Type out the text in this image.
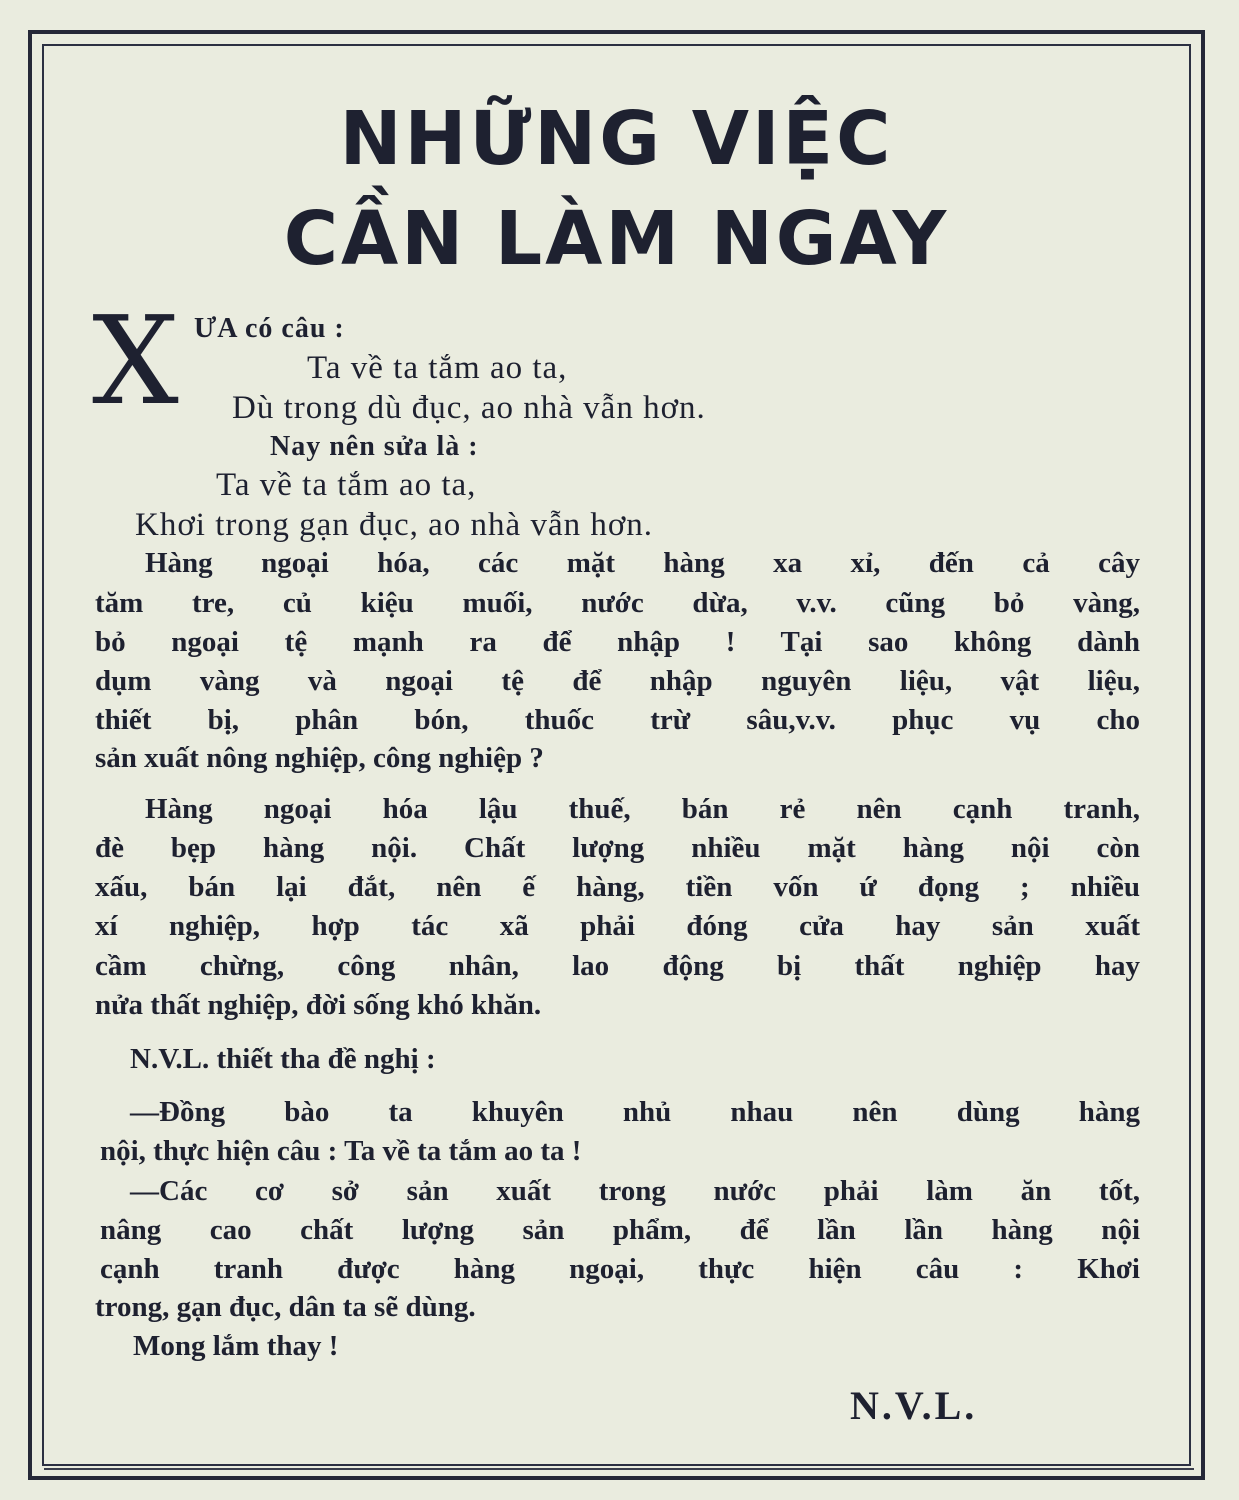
NHỮNG VIỆC
CẦN LÀM NGAY
X ƯA có câu :

Ta về ta tắm ao ta,

Dù trong dù đục, ao nhà vẫn hơn.

Nay nên sửa là :

Ta về ta tắm ao ta,

Khơi trong gạn đục, ao nhà vẫn hơn.

Hàng ngoại hóa, các mặt hàng xa xỉ, đến cả cây

tăm tre, củ kiệu muối, nước dừa, v.v. cũng bỏ vàng,

bỏ ngoại tệ mạnh ra để nhập ! Tại sao không dành

dụm vàng và ngoại tệ để nhập nguyên liệu, vật liệu,

thiết bị, phân bón, thuốc trừ sâu,v.v. phục vụ cho

sản xuất nông nghiệp, công nghiệp ?

Hàng ngoại hóa lậu thuế, bán rẻ nên cạnh tranh,

đè bẹp hàng nội. Chất lượng nhiều mặt hàng nội còn

xấu, bán lại đắt, nên ế hàng, tiền vốn ứ đọng ; nhiều

xí nghiệp, hợp tác xã phải đóng cửa hay sản xuất

cầm chừng, công nhân, lao động bị thất nghiệp hay

nửa thất nghiệp, đời sống khó khăn.

N.V.L. thiết tha đề nghị :

—Đồng bào ta khuyên nhủ nhau nên dùng hàng

nội, thực hiện câu : Ta về ta tắm ao ta !

—Các cơ sở sản xuất trong nước phải làm ăn tốt,

nâng cao chất lượng sản phẩm, để lần lần hàng nội

cạnh tranh được hàng ngoại, thực hiện câu : Khơi

trong, gạn đục, dân ta sẽ dùng.

Mong lắm thay !

N.V.L.
